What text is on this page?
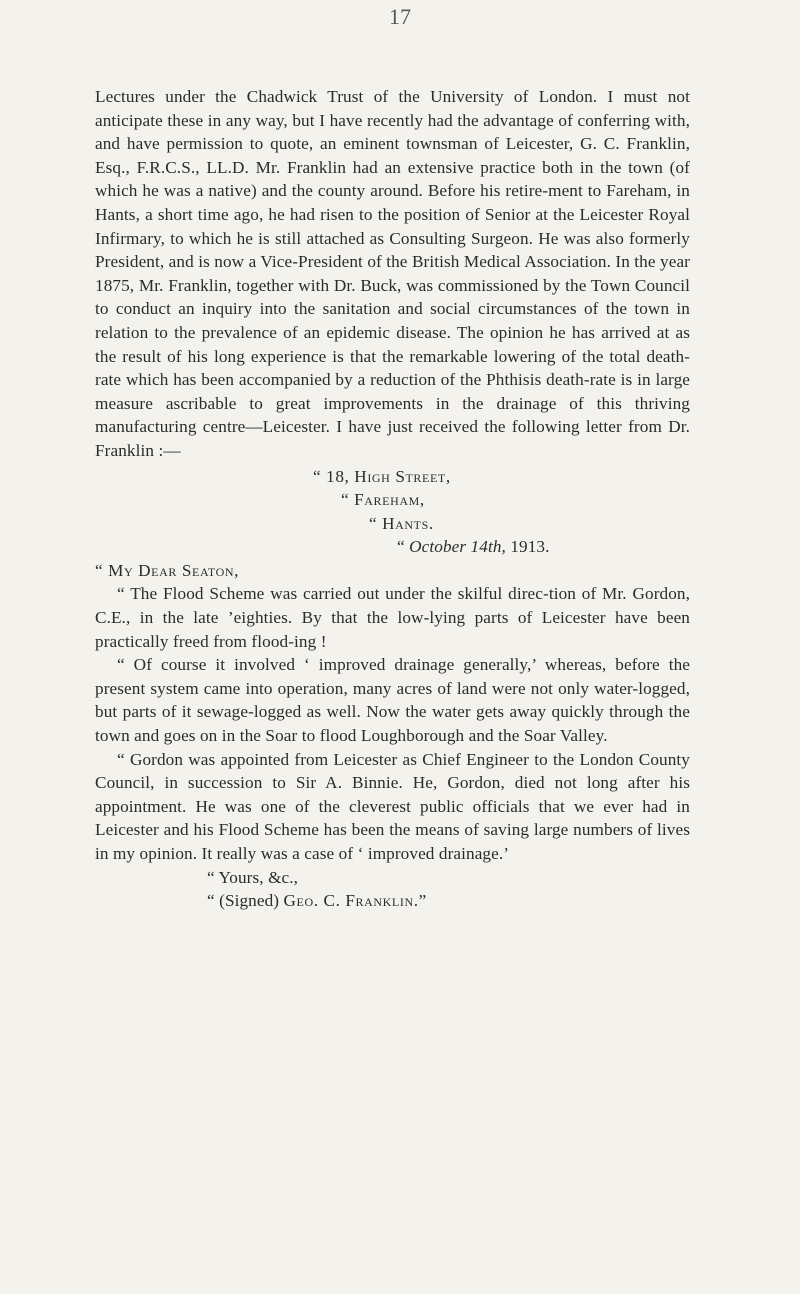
17

Lectures under the Chadwick Trust of the University of London. I must not anticipate these in any way, but I have recently had the advantage of conferring with, and have permission to quote, an eminent townsman of Leicester, G. C. Franklin, Esq., F.R.C.S., LL.D. Mr. Franklin had an extensive practice both in the town (of which he was a native) and the county around. Before his retire-ment to Fareham, in Hants, a short time ago, he had risen to the position of Senior at the Leicester Royal Infirmary, to which he is still attached as Consulting Surgeon. He was also formerly President, and is now a Vice-President of the British Medical Association. In the year 1875, Mr. Franklin, together with Dr. Buck, was commissioned by the Town Council to conduct an inquiry into the sanitation and social circumstances of the town in relation to the prevalence of an epidemic disease. The opinion he has arrived at as the result of his long experience is that the remarkable lowering of the total death-rate which has been accompanied by a reduction of the Phthisis death-rate is in large measure ascribable to great improvements in the drainage of this thriving manufacturing centre—Leicester. I have just received the following letter from Dr. Franklin :—

“ 18, High Street,
“ Fareham,
“ Hants.
“ October 14th, 1913.

“ My Dear Seaton,

“ The Flood Scheme was carried out under the skilful direc-tion of Mr. Gordon, C.E., in the late ’eighties. By that the low-lying parts of Leicester have been practically freed from flood-ing !

“ Of course it involved ‘ improved drainage generally,’ whereas, before the present system came into operation, many acres of land were not only water-logged, but parts of it sewage-logged as well. Now the water gets away quickly through the town and goes on in the Soar to flood Loughborough and the Soar Valley.

“ Gordon was appointed from Leicester as Chief Engineer to the London County Council, in succession to Sir A. Binnie. He, Gordon, died not long after his appointment. He was one of the cleverest public officials that we ever had in Leicester and his Flood Scheme has been the means of saving large numbers of lives in my opinion. It really was a case of ‘ improved drainage.’

“ Yours, &c.,
“ (Signed) Geo. C. Franklin.”
